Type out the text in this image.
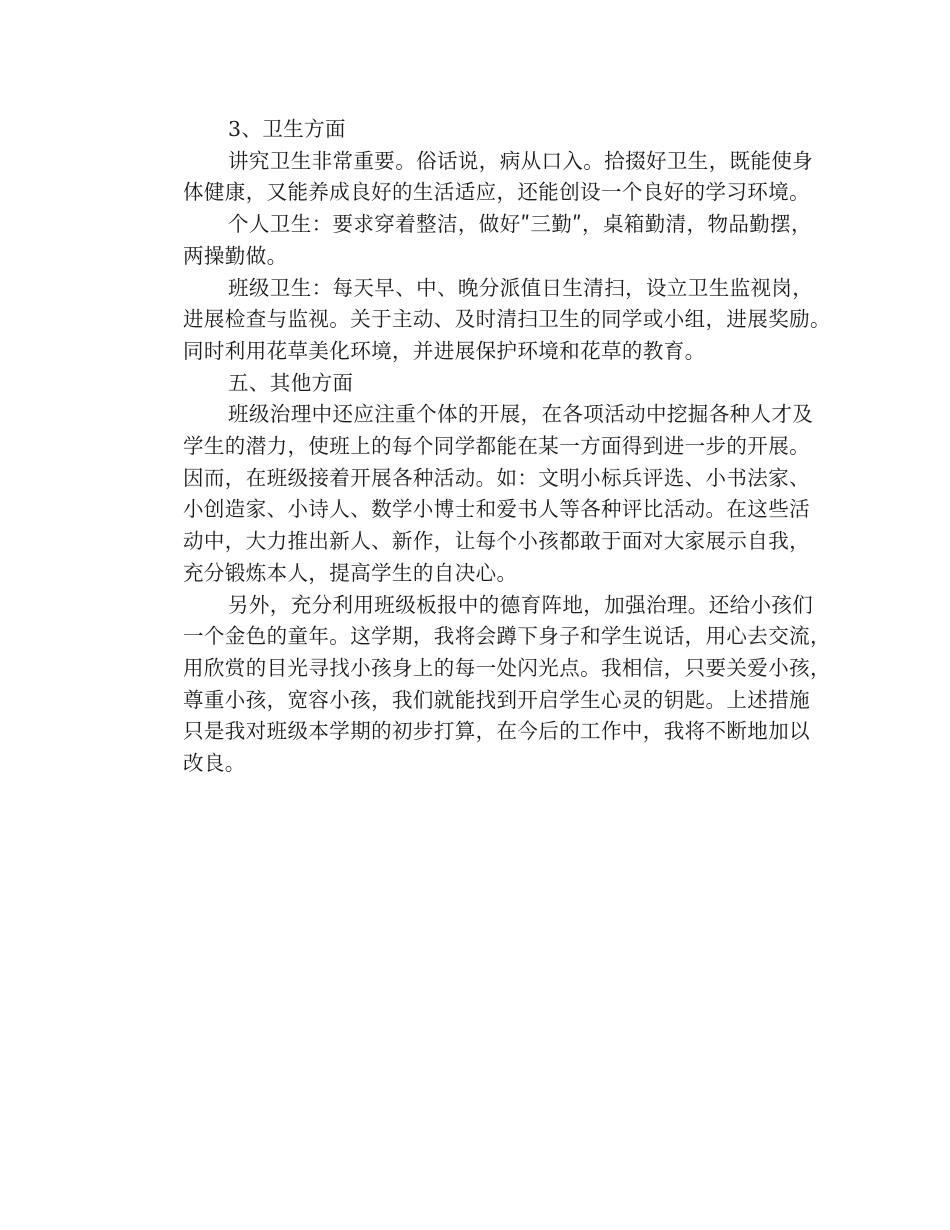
3、卫生方面
讲究卫生非常重要。俗话说，病从口入。拾掇好卫生，既能使身
体健康，又能养成良好的生活适应，还能创设一个良好的学习环境。
个人卫生：要求穿着整洁，做好ʺ三勤ʺ，桌箱勤清，物品勤摆，
两操勤做。
班级卫生：每天早、中、晚分派值日生清扫，设立卫生监视岗，
进展检查与监视。关于主动、及时清扫卫生的同学或小组，进展奖励。
同时利用花草美化环境，并进展保护环境和花草的教育。
五、其他方面
班级治理中还应注重个体的开展，在各项活动中挖掘各种人才及
学生的潜力，使班上的每个同学都能在某一方面得到进一步的开展。
因而，在班级接着开展各种活动。如：文明小标兵评选、小书法家、
小创造家、小诗人、数学小博士和爱书人等各种评比活动。在这些活
动中，大力推出新人、新作，让每个小孩都敢于面对大家展示自我，
充分锻炼本人，提高学生的自决心。
另外，充分利用班级板报中的德育阵地，加强治理。还给小孩们
一个金色的童年。这学期，我将会蹲下身子和学生说话，用心去交流，
用欣赏的目光寻找小孩身上的每一处闪光点。我相信，只要关爱小孩，
尊重小孩，宽容小孩，我们就能找到开启学生心灵的钥匙。上述措施
只是我对班级本学期的初步打算，在今后的工作中，我将不断地加以
改良。
